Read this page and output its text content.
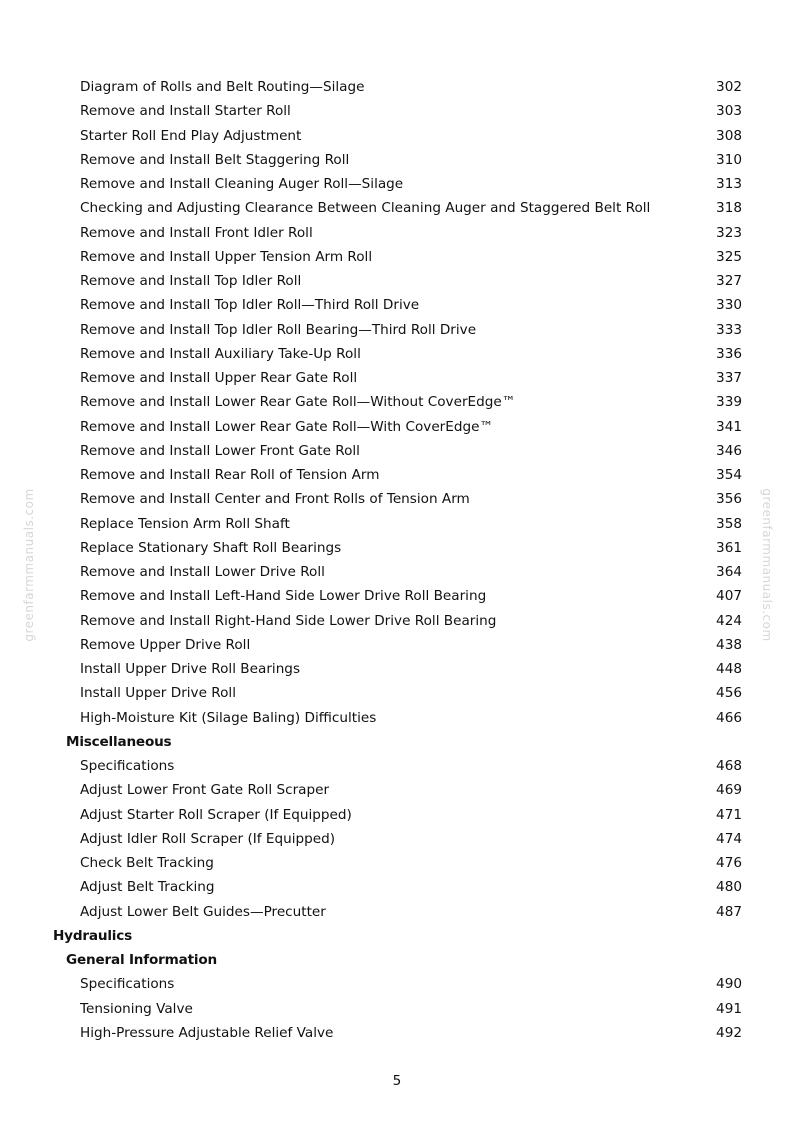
greenfarmmanuals.com	greenfarmmanuals.com
Diagram of Rolls and Belt Routing—Silage	302
Remove and Install Starter Roll	303
Starter Roll End Play Adjustment	308
Remove and Install Belt Staggering Roll	310
Remove and Install Cleaning Auger Roll—Silage	313
Checking and Adjusting Clearance Between Cleaning Auger and Staggered Belt Roll	318
Remove and Install Front Idler Roll	323
Remove and Install Upper Tension Arm Roll	325
Remove and Install Top Idler Roll	327
Remove and Install Top Idler Roll—Third Roll Drive	330
Remove and Install Top Idler Roll Bearing—Third Roll Drive	333
Remove and Install Auxiliary Take-Up Roll	336
Remove and Install Upper Rear Gate Roll	337
Remove and Install Lower Rear Gate Roll—Without CoverEdge™	339
Remove and Install Lower Rear Gate Roll—With CoverEdge™	341
Remove and Install Lower Front Gate Roll	346
Remove and Install Rear Roll of Tension Arm	354
Remove and Install Center and Front Rolls of Tension Arm	356
Replace Tension Arm Roll Shaft	358
Replace Stationary Shaft Roll Bearings	361
Remove and Install Lower Drive Roll	364
Remove and Install Left-Hand Side Lower Drive Roll Bearing	407
Remove and Install Right-Hand Side Lower Drive Roll Bearing	424
Remove Upper Drive Roll	438
Install Upper Drive Roll Bearings	448
Install Upper Drive Roll	456
High-Moisture Kit (Silage Baling) Difficulties	466
Miscellaneous
Specifications	468
Adjust Lower Front Gate Roll Scraper	469
Adjust Starter Roll Scraper (If Equipped)	471
Adjust Idler Roll Scraper (If Equipped)	474
Check Belt Tracking	476
Adjust Belt Tracking	480
Adjust Lower Belt Guides—Precutter	487
Hydraulics
General Information
Specifications	490
Tensioning Valve	491
High-Pressure Adjustable Relief Valve	492
5
